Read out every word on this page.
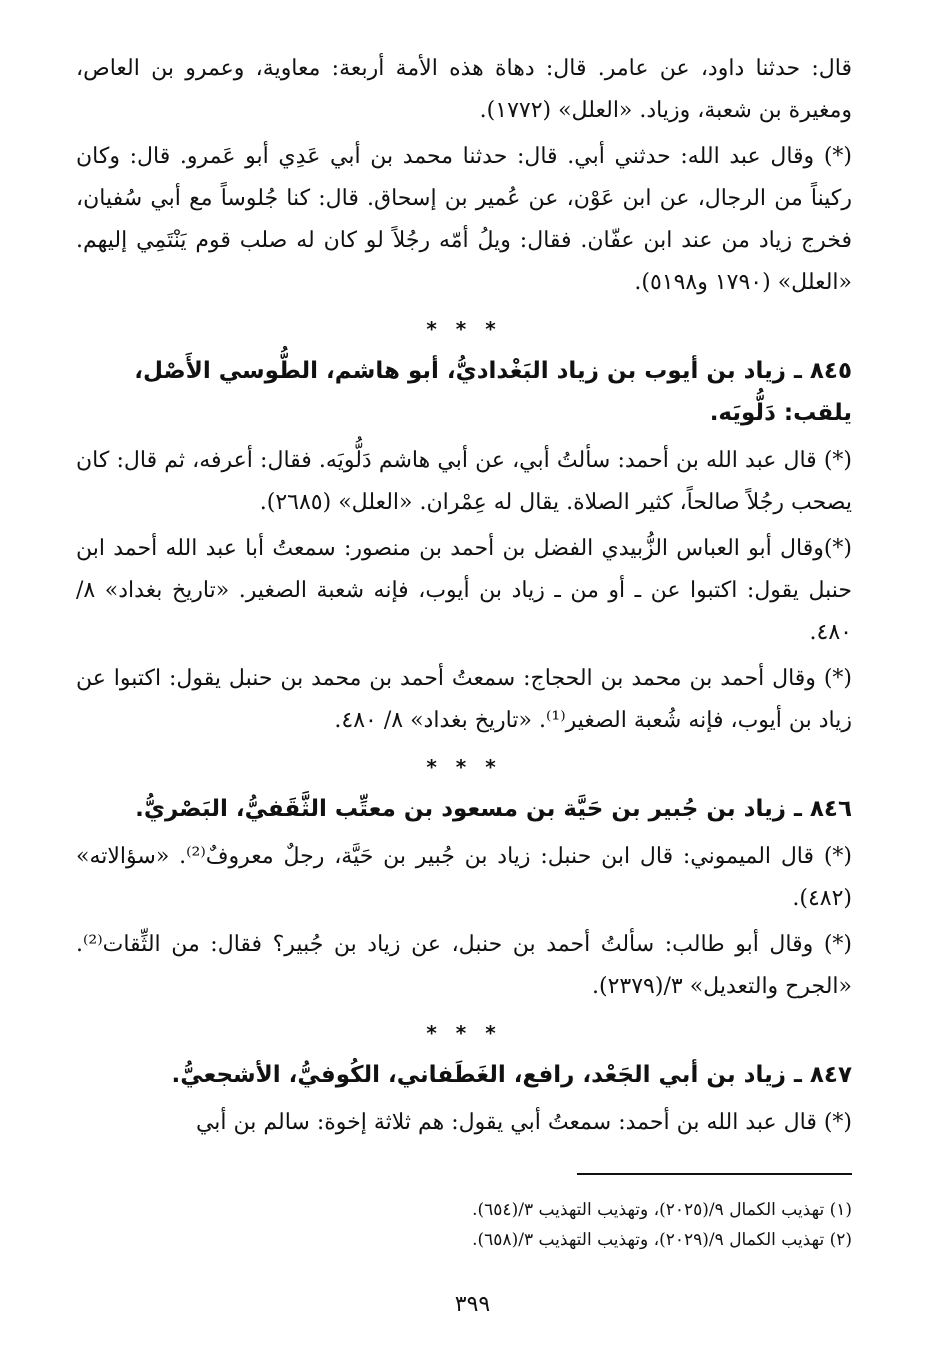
قال: حدثنا داود، عن عامر. قال: دهاة هذه الأمة أربعة: معاوية، وعمرو بن العاص، ومغيرة بن شعبة، وزياد. «العلل» (١٧٧٢).

(*) وقال عبد الله: حدثني أبي. قال: حدثنا محمد بن أبي عَدِي أبو عَمرو. قال: وكان ركيناً من الرجال، عن ابن عَوْن، عن عُمير بن إسحاق. قال: كنا جُلوساً مع أبي سُفيان، فخرج زياد من عند ابن عفّان. فقال: ويلُ أمّه رجُلاً لو كان له صلب قوم يَنْتَمِي إليهم. «العلل» (١٧٩٠ و٥١٩٨).

* * *
٨٤٥ ـ زياد بن أيوب بن زياد البَغْداديُّ، أبو هاشم، الطُّوسي الأَصْل، يلقب: دَلُّويَه.

(*) قال عبد الله بن أحمد: سألتُ أبي، عن أبي هاشم دَلُّويَه. فقال: أعرفه، ثم قال: كان يصحب رجُلاً صالحاً، كثير الصلاة. يقال له عِمْران. «العلل» (٢٦٨٥).

(*)وقال أبو العباس الزُّبيدي الفضل بن أحمد بن منصور: سمعتُ أبا عبد الله أحمد ابن حنبل يقول: اكتبوا عن ـ أو من ـ زياد بن أيوب، فإنه شعبة الصغير. «تاريخ بغداد» ٨/ ٤٨٠.

(*) وقال أحمد بن محمد بن الحجاج: سمعتُ أحمد بن محمد بن حنبل يقول: اكتبوا عن زياد بن أيوب، فإنه شُعبة الصغير⁽¹⁾. «تاريخ بغداد» ٨/ ٤٨٠.

* * *
٨٤٦ ـ زياد بن جُبير بن حَيَّة بن مسعود بن معتِّب الثَّقَفيُّ، البَصْريُّ.

(*) قال الميموني: قال ابن حنبل: زياد بن جُبير بن حَيَّة، رجلٌ معروفٌ⁽²⁾. «سؤالاته» (٤٨٢).

(*) وقال أبو طالب: سألتُ أحمد بن حنبل، عن زياد بن جُبير؟ فقال: من الثِّقات⁽²⁾. «الجرح والتعديل» ٣/(٢٣٧٩).

* * *
٨٤٧ ـ زياد بن أبي الجَعْد، رافع، الغَطَفاني، الكُوفيُّ، الأشجعيُّ.

(*) قال عبد الله بن أحمد: سمعتُ أبي يقول: هم ثلاثة إخوة: سالم بن أبي

(١) تهذيب الكمال ٩/(٢٠٢٥)، وتهذيب التهذيب ٣/(٦٥٤).
(٢) تهذيب الكمال ٩/(٢٠٢٩)، وتهذيب التهذيب ٣/(٦٥٨).
٣٩٩
